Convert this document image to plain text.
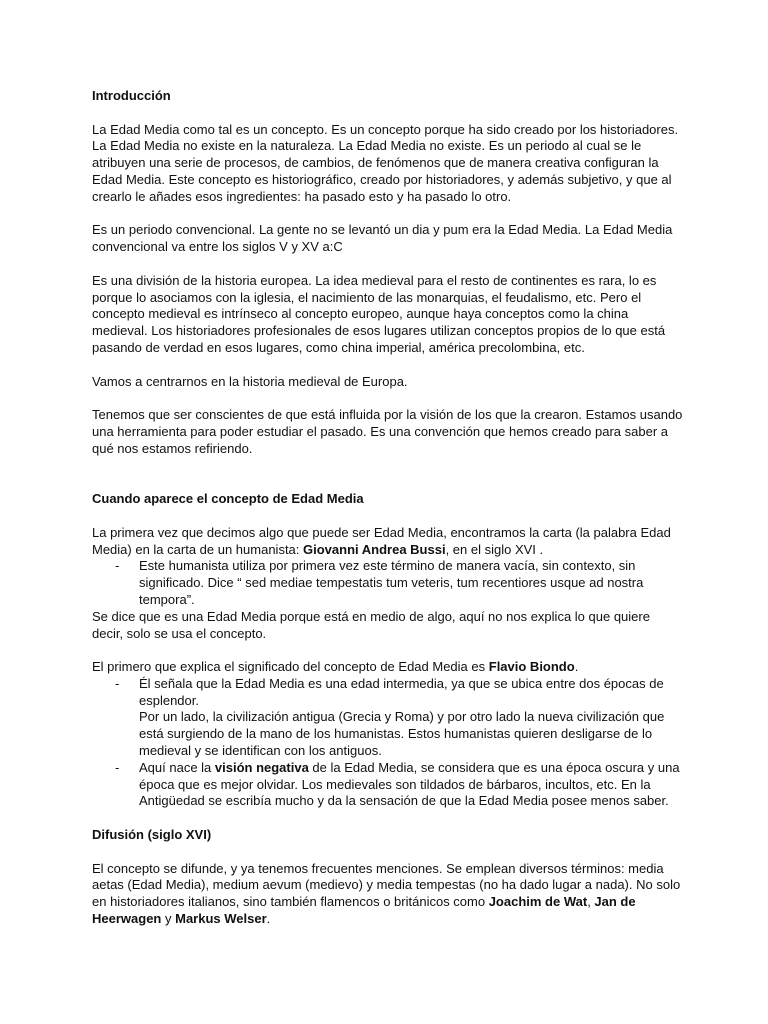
Introducción

La Edad Media como tal es un concepto. Es un concepto porque ha sido creado por los historiadores. La Edad Media no existe en la naturaleza. La Edad Media no existe. Es un periodo al cual se le atribuyen una serie de procesos, de cambios, de fenómenos que de manera creativa configuran la Edad Media. Este concepto es historiográfico, creado por historiadores, y además subjetivo, y que al crearlo le añades esos ingredientes: ha pasado esto y ha pasado lo otro.

Es un periodo convencional. La gente no se levantó un dia y pum era la Edad Media. La Edad Media convencional va entre los siglos V y XV a:C

Es una división de la historia europea. La idea medieval para el resto de continentes es rara, lo es porque lo asociamos con la iglesia, el nacimiento de las monarquias, el feudalismo, etc. Pero el concepto medieval es intrínseco al concepto europeo, aunque haya conceptos como la china medieval. Los historiadores profesionales de esos lugares utilizan conceptos propios de lo que está pasando de verdad en esos lugares, como china imperial, américa precolombina, etc.

Vamos a centrarnos en la historia medieval de Europa.

Tenemos que ser conscientes de que está influida por la visión de los que la crearon. Estamos usando una herramienta para poder estudiar el pasado. Es una convención que hemos creado para saber a qué nos estamos refiriendo.

Cuando aparece el concepto de Edad Media

La primera vez que decimos algo que puede ser Edad Media, encontramos la carta (la palabra Edad Media) en la carta de un humanista: Giovanni Andrea Bussi, en el siglo XVI .

- Este humanista utiliza por primera vez este término de manera vacía, sin contexto, sin significado. Dice “ sed mediae tempestatis tum veteris, tum recentiores usque ad nostra tempora”.

Se dice que es una Edad Media porque está en medio de algo, aquí no nos explica lo que quiere decir, solo se usa el concepto.

El primero que explica el significado del concepto de Edad Media es Flavio Biondo.

- Él señala que la Edad Media es una edad intermedia, ya que se ubica entre dos épocas de esplendor.
Por un lado, la civilización antigua (Grecia y Roma) y por otro lado la nueva civilización que está surgiendo de la mano de los humanistas. Estos humanistas quieren desligarse de lo medieval y se identifican con los antiguos.
- Aquí nace la visión negativa de la Edad Media, se considera que es una época oscura y una época que es mejor olvidar. Los medievales son tildados de bárbaros, incultos, etc. En la Antigüedad se escribía mucho y da la sensación de que la Edad Media posee menos saber.
Difusión (siglo XVI)

El concepto se difunde, y ya tenemos frecuentes menciones. Se emplean diversos términos: media aetas (Edad Media), medium aevum (medievo) y media tempestas (no ha dado lugar a nada). No solo en historiadores italianos, sino también flamencos o británicos como Joachim de Wat, Jan de Heerwagen y Markus Welser.
